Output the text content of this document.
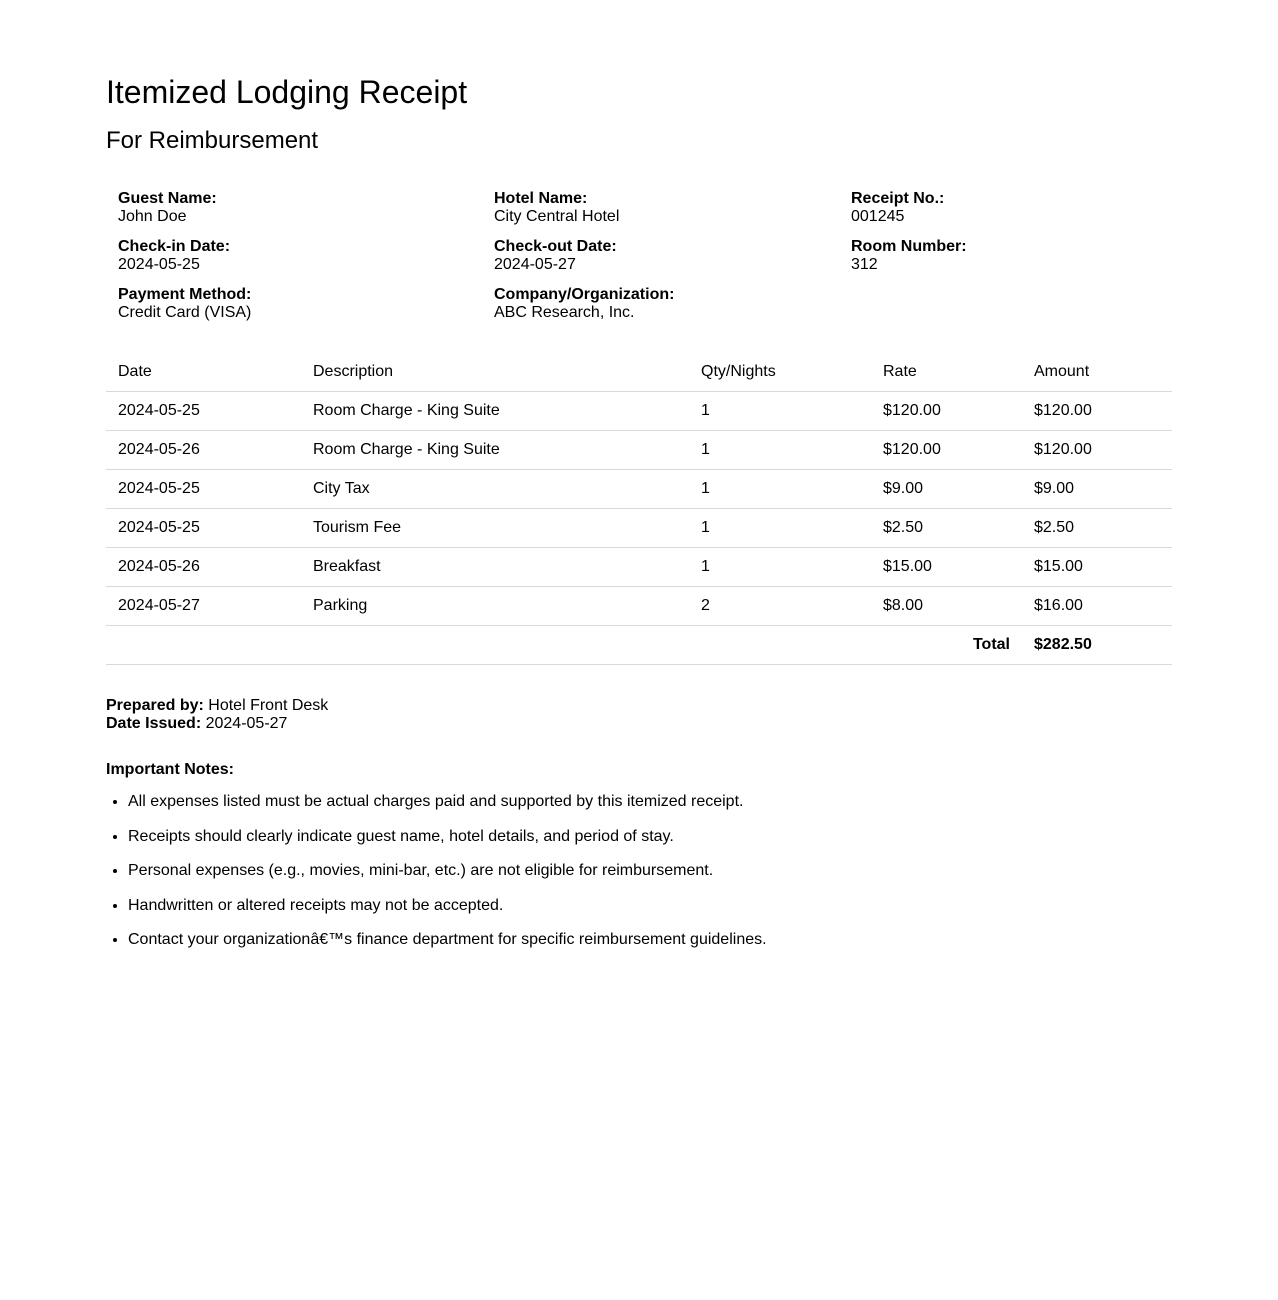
Itemized Lodging Receipt
For Reimbursement
Guest Name:
John Doe
Hotel Name:
City Central Hotel
Receipt No.:
001245
Check-in Date:
2024-05-25
Check-out Date:
2024-05-27
Room Number:
312
Payment Method:
Credit Card (VISA)
Company/Organization:
ABC Research, Inc.
Date	Description	Qty/Nights	Rate	Amount
2024-05-25	Room Charge - King Suite	1	$120.00	$120.00
2024-05-26	Room Charge - King Suite	1	$120.00	$120.00
2024-05-25	City Tax	1	$9.00	$9.00
2024-05-25	Tourism Fee	1	$2.50	$2.50
2024-05-26	Breakfast	1	$15.00	$15.00
2024-05-27	Parking	2	$8.00	$16.00
Total				$282.50
Prepared by: Hotel Front Desk
Date Issued: 2024-05-27
Important Notes:
• All expenses listed must be actual charges paid and supported by this itemized receipt.
• Receipts should clearly indicate guest name, hotel details, and period of stay.
• Personal expenses (e.g., movies, mini-bar, etc.) are not eligible for reimbursement.
• Handwritten or altered receipts may not be accepted.
• Contact your organizationâ€™s finance department for specific reimbursement guidelines.
